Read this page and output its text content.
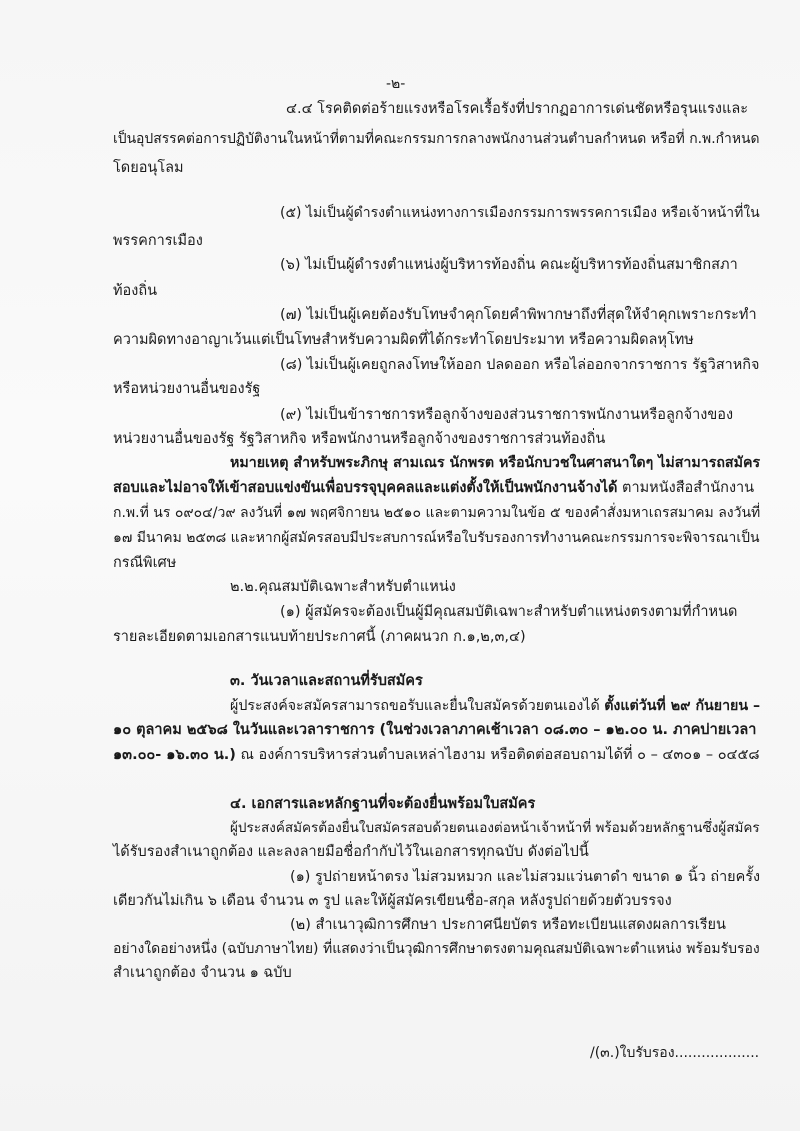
-๒-
๔.๔ โรคติดต่อร้ายแรงหรือโรคเรื้อรังที่ปรากฏอาการเด่นชัดหรือรุนแรงและ
เป็นอุปสรรคต่อการปฏิบัติงานในหน้าที่ตามที่คณะกรรมการกลางพนักงานส่วนตำบลกำหนด หรือที่ ก.พ.กำหนด
โดยอนุโลม
(๕) ไม่เป็นผู้ดำรงตำแหน่งทางการเมืองกรรมการพรรคการเมือง หรือเจ้าหน้าที่ใน
พรรคการเมือง
(๖) ไม่เป็นผู้ดำรงตำแหน่งผู้บริหารท้องถิ่น คณะผู้บริหารท้องถิ่นสมาชิกสภา
ท้องถิ่น
(๗) ไม่เป็นผู้เคยต้องรับโทษจำคุกโดยคำพิพากษาถึงที่สุดให้จำคุกเพราะกระทำ
ความผิดทางอาญาเว้นแต่เป็นโทษสำหรับความผิดที่ได้กระทำโดยประมาท หรือความผิดลหุโทษ
(๘) ไม่เป็นผู้เคยถูกลงโทษให้ออก ปลดออก หรือไล่ออกจากราชการ รัฐวิสาหกิจ
หรือหน่วยงานอื่นของรัฐ
(๙) ไม่เป็นข้าราชการหรือลูกจ้างของส่วนราชการพนักงานหรือลูกจ้างของ
หน่วยงานอื่นของรัฐ รัฐวิสาหกิจ หรือพนักงานหรือลูกจ้างของราชการส่วนท้องถิ่น
หมายเหตุ สำหรับพระภิกษุ สามเณร นักพรต หรือนักบวชในศาสนาใดๆ ไม่สามารถสมัคร
สอบและไม่อาจให้เข้าสอบแข่งขันเพื่อบรรจุบุคคลและแต่งตั้งให้เป็นพนักงานจ้างได้ ตามหนังสือสำนักงาน
ก.พ.ที่ นร ๐๙๐๔/ว๙ ลงวันที่ ๑๗ พฤศจิกายน ๒๕๑๐ และตามความในข้อ ๕ ของคำสั่งมหาเถรสมาคม ลงวันที่
๑๗ มีนาคม ๒๕๓๘ และหากผู้สมัครสอบมีประสบการณ์หรือใบรับรองการทำงานคณะกรรมการจะพิจารณาเป็น
กรณีพิเศษ
๒.๒.คุณสมบัติเฉพาะสำหรับตำแหน่ง
(๑) ผู้สมัครจะต้องเป็นผู้มีคุณสมบัติเฉพาะสำหรับตำแหน่งตรงตามที่กำหนด
รายละเอียดตามเอกสารแนบท้ายประกาศนี้ (ภาคผนวก ก.๑,๒,๓,๔)
๓. วันเวลาและสถานที่รับสมัคร
ผู้ประสงค์จะสมัครสามารถขอรับและยื่นใบสมัครด้วยตนเองได้ ตั้งแต่วันที่ ๒๙ กันยายน –
๑๐ ตุลาคม ๒๕๖๘ ในวันและเวลาราชการ (ในช่วงเวลาภาคเช้าเวลา ๐๘.๓๐ – ๑๒.๐๐ น. ภาคบ่ายเวลา
๑๓.๐๐- ๑๖.๓๐ น.) ณ องค์การบริหารส่วนตำบลเหล่าไฮงาม หรือติดต่อสอบถามได้ที่ ๐ – ๔๓๐๑ – ๐๔๕๘
๔. เอกสารและหลักฐานที่จะต้องยื่นพร้อมใบสมัคร
ผู้ประสงค์สมัครต้องยื่นใบสมัครสอบด้วยตนเองต่อหน้าเจ้าหน้าที่ พร้อมด้วยหลักฐานซึ่งผู้สมัคร
ได้รับรองสำเนาถูกต้อง และลงลายมือชื่อกำกับไว้ในเอกสารทุกฉบับ ดังต่อไปนี้
(๑) รูปถ่ายหน้าตรง ไม่สวมหมวก และไม่สวมแว่นตาดำ ขนาด ๑ นิ้ว ถ่ายครั้ง
เดียวกันไม่เกิน ๖ เดือน จำนวน ๓ รูป และให้ผู้สมัครเขียนชื่อ-สกุล หลังรูปถ่ายด้วยตัวบรรจง
(๒) สำเนาวุฒิการศึกษา ประกาศนียบัตร หรือทะเบียนแสดงผลการเรียน
อย่างใดอย่างหนึ่ง (ฉบับภาษาไทย) ที่แสดงว่าเป็นวุฒิการศึกษาตรงตามคุณสมบัติเฉพาะตำแหน่ง พร้อมรับรอง
สำเนาถูกต้อง จำนวน ๑ ฉบับ
/(๓.)ใบรับรอง...................
